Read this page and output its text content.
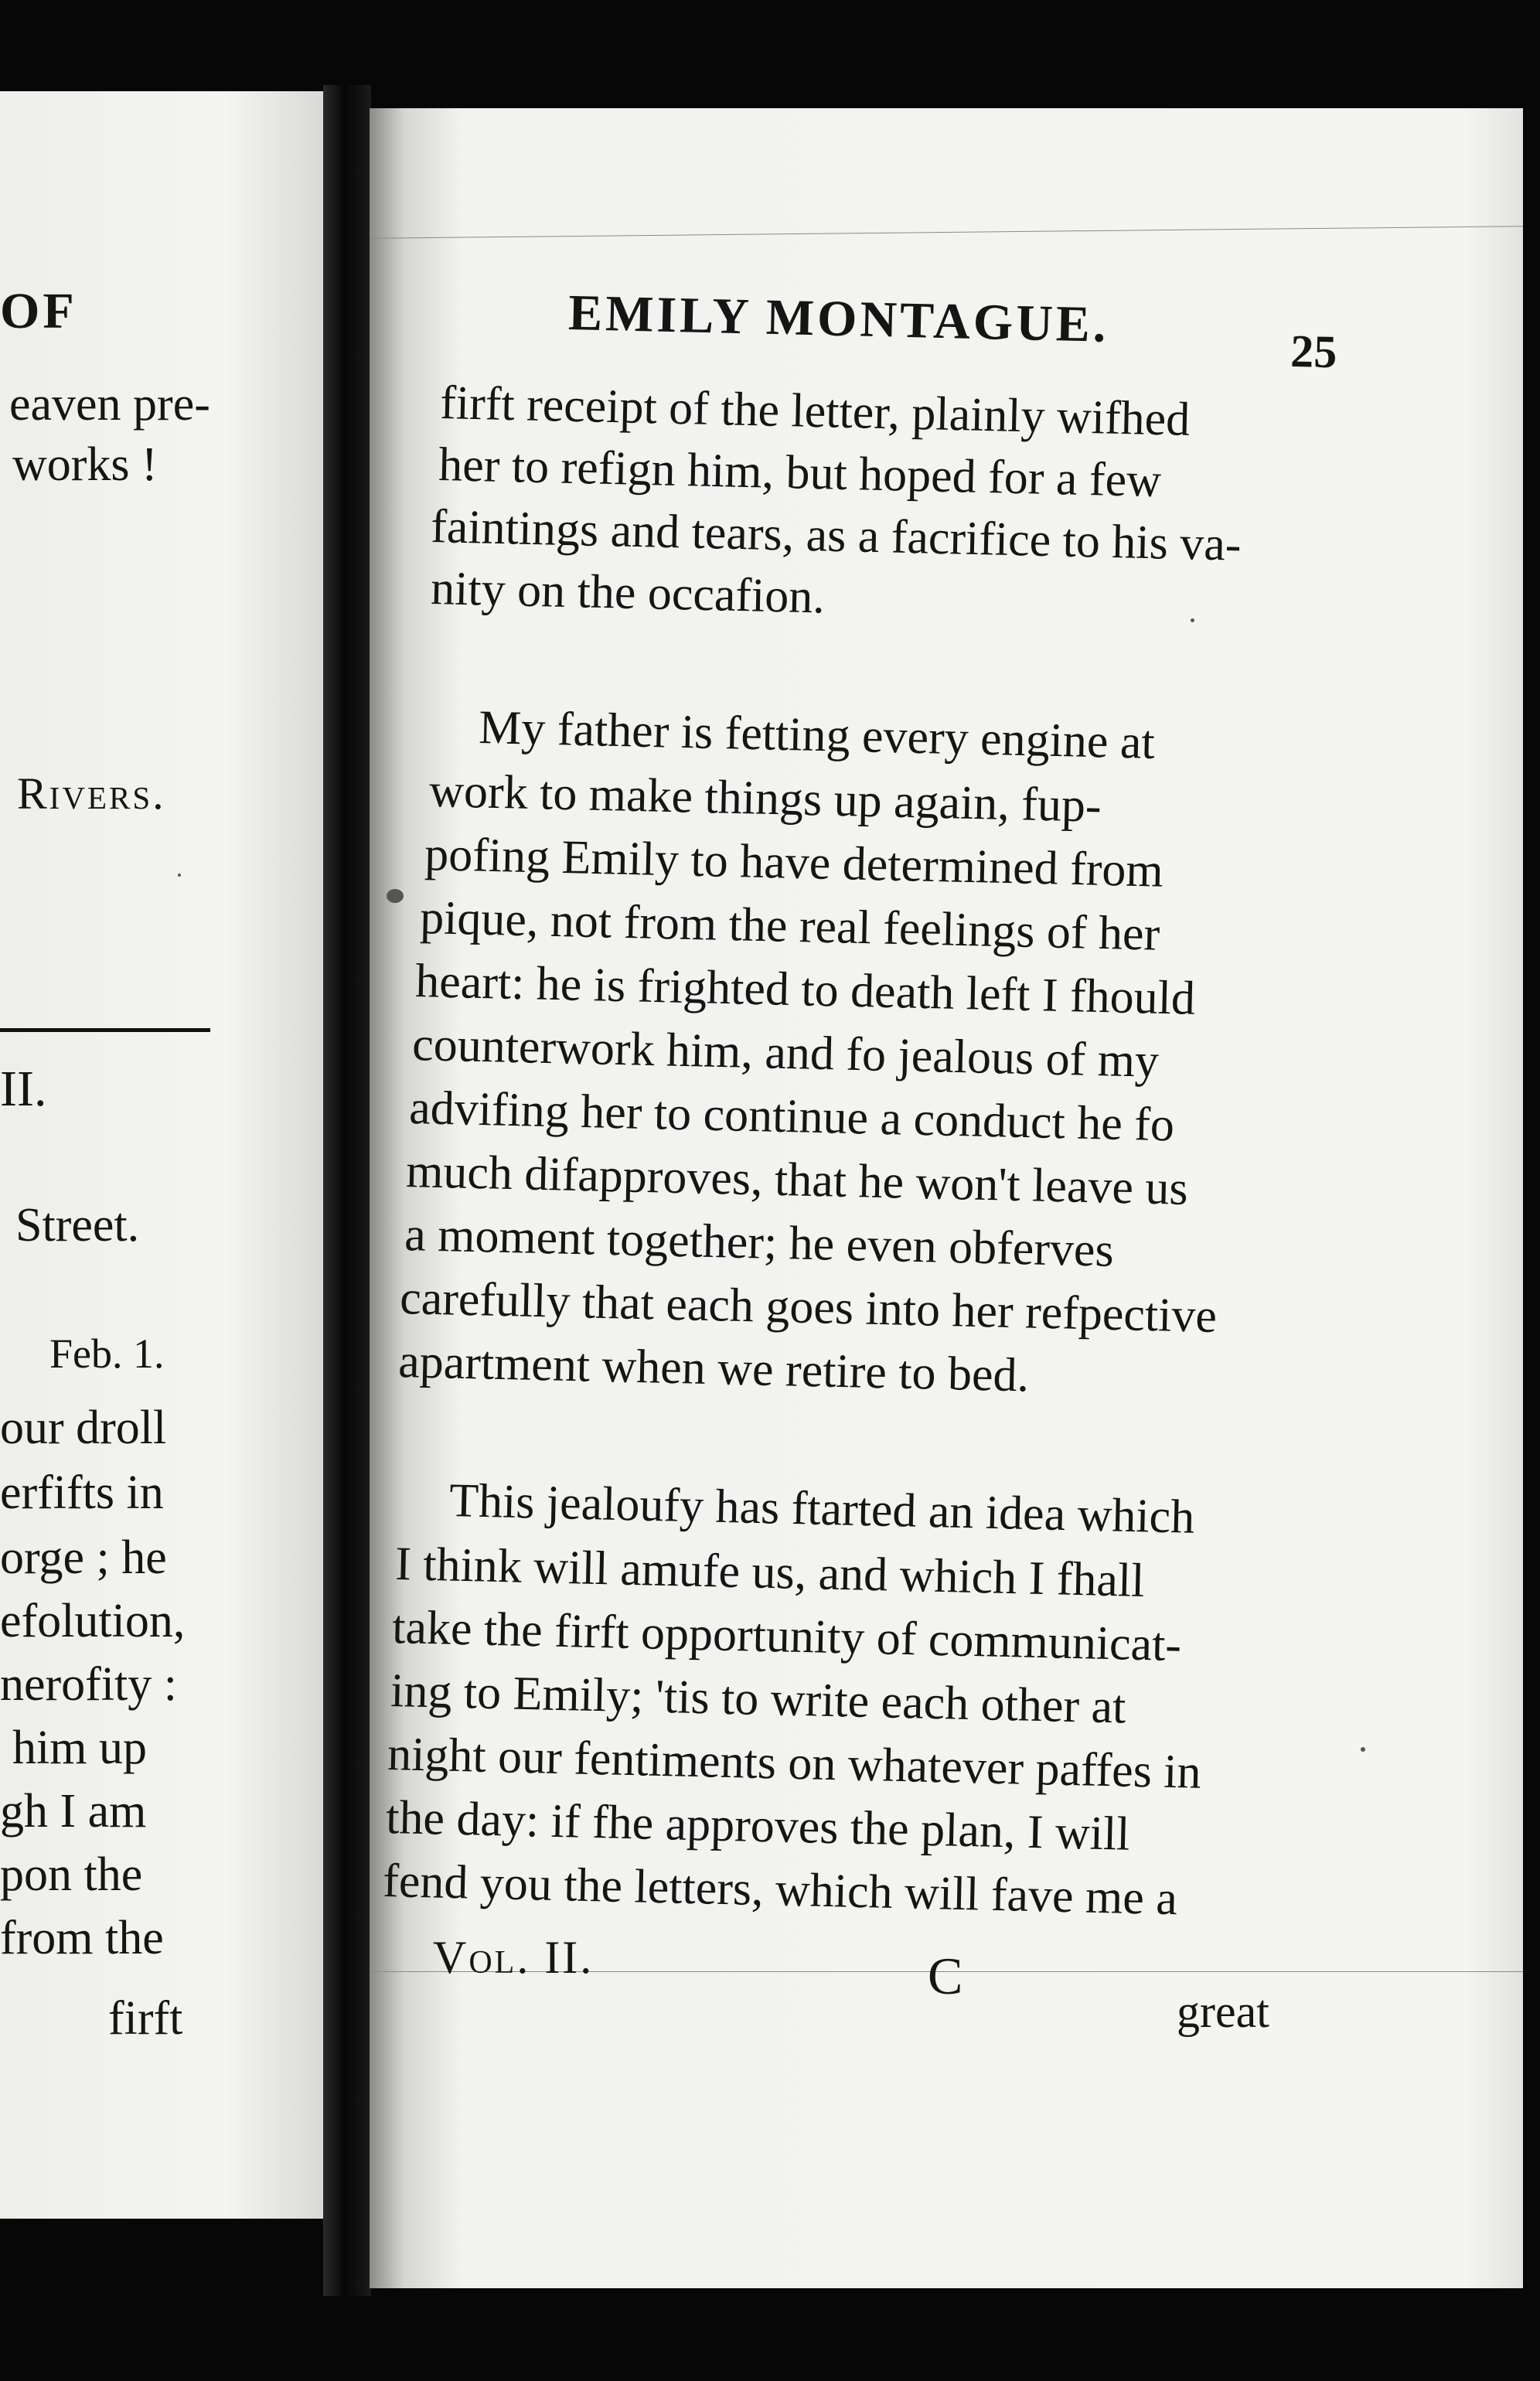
OF
eaven pre-
works !
Rivers.
II.
Street.
Feb. 1.
our droll
erfifts in
orge ; he
efolution,
nerofity :
him up
gh I am
pon the
from the
firft
EMILY MONTAGUE.	25
firft receipt of the letter, plainly wifhed
her to refign him, but hoped for a few
faintings and tears, as a facrifice to his va-
nity on the occafion.
My father is fetting every engine at
work to make things up again, fup-
pofing Emily to have determined from
pique, not from the real feelings of her
heart: he is frighted to death left I fhould
counterwork him, and fo jealous of my
advifing her to continue a conduct he fo
much difapproves, that he won't leave us
a moment together; he even obferves
carefully that each goes into her refpective
apartment when we retire to bed.
This jealoufy has ftarted an idea which
I think will amufe us, and which I fhall
take the firft opportunity of communicat-
ing to Emily; 'tis to write each other at
night our fentiments on whatever paffes in
the day: if fhe approves the plan, I will
fend you the letters, which will fave me a
Vol. II.	C
great
